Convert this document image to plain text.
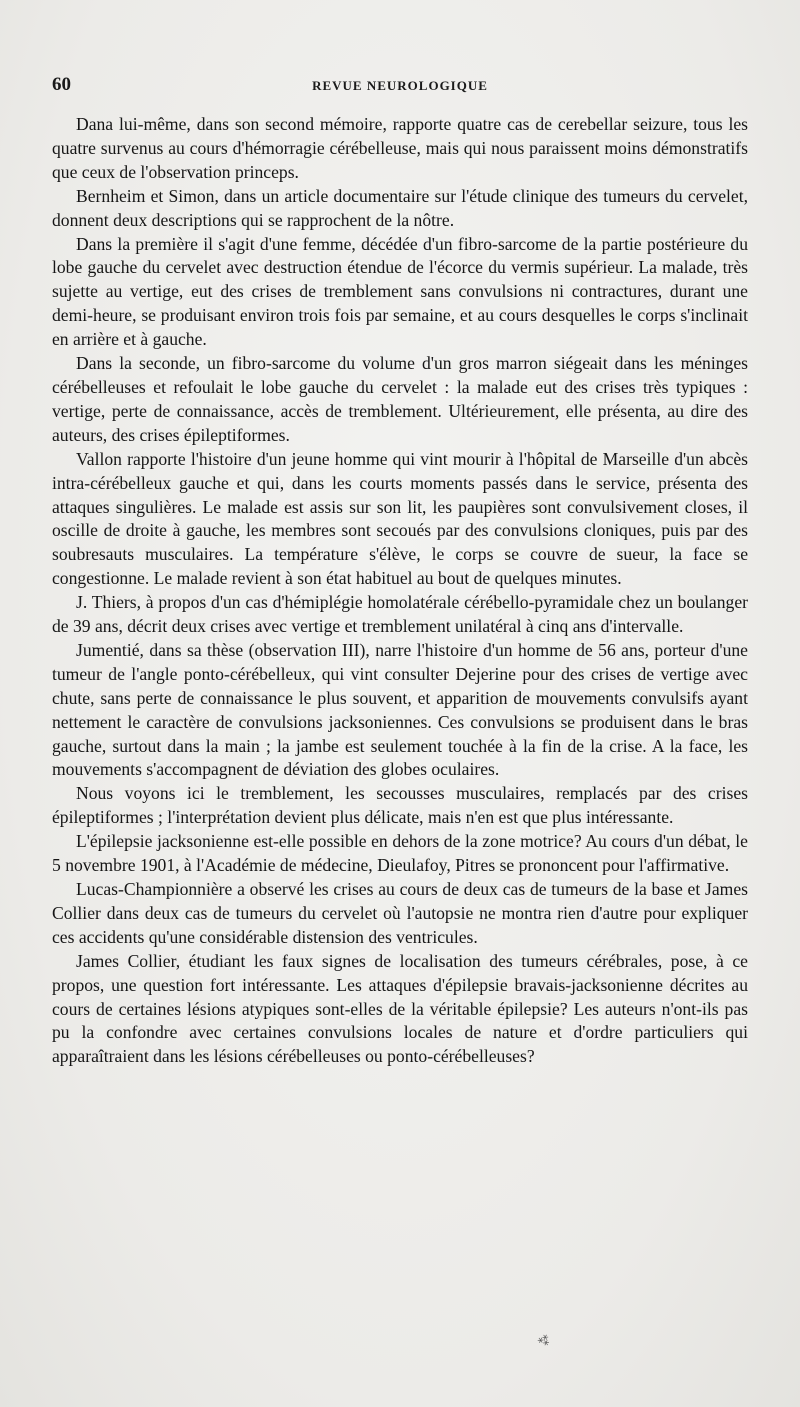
60	REVUE NEUROLOGIQUE

Dana lui-même, dans son second mémoire, rapporte quatre cas de cerebellar seizure, tous les quatre survenus au cours d'hémorragie cérébelleuse, mais qui nous paraissent moins démonstratifs que ceux de l'observation princeps.

Bernheim et Simon, dans un article documentaire sur l'étude clinique des tumeurs du cervelet, donnent deux descriptions qui se rapprochent de la nôtre.

Dans la première il s'agit d'une femme, décédée d'un fibro-sarcome de la partie postérieure du lobe gauche du cervelet avec destruction étendue de l'écorce du vermis supérieur. La malade, très sujette au vertige, eut des crises de tremblement sans convulsions ni contractures, durant une demi-heure, se produisant environ trois fois par semaine, et au cours desquelles le corps s'inclinait en arrière et à gauche.

Dans la seconde, un fibro-sarcome du volume d'un gros marron siégeait dans les méninges cérébelleuses et refoulait le lobe gauche du cervelet : la malade eut des crises très typiques : vertige, perte de connaissance, accès de tremblement. Ultérieurement, elle présenta, au dire des auteurs, des crises épileptiformes.

Vallon rapporte l'histoire d'un jeune homme qui vint mourir à l'hôpital de Marseille d'un abcès intra-cérébelleux gauche et qui, dans les courts moments passés dans le service, présenta des attaques singulières. Le malade est assis sur son lit, les paupières sont convulsivement closes, il oscille de droite à gauche, les membres sont secoués par des convulsions cloniques, puis par des soubresauts musculaires. La température s'élève, le corps se couvre de sueur, la face se congestionne. Le malade revient à son état habituel au bout de quelques minutes.

J. Thiers, à propos d'un cas d'hémiplégie homolatérale cérébello-pyramidale chez un boulanger de 39 ans, décrit deux crises avec vertige et tremblement unilatéral à cinq ans d'intervalle.

Jumentié, dans sa thèse (observation III), narre l'histoire d'un homme de 56 ans, porteur d'une tumeur de l'angle ponto-cérébelleux, qui vint consulter Dejerine pour des crises de vertige avec chute, sans perte de connaissance le plus souvent, et apparition de mouvements convulsifs ayant nettement le caractère de convulsions jacksoniennes. Ces convulsions se produisent dans le bras gauche, surtout dans la main ; la jambe est seulement touchée à la fin de la crise. A la face, les mouvements s'accompagnent de déviation des globes oculaires.

Nous voyons ici le tremblement, les secousses musculaires, remplacés par des crises épileptiformes ; l'interprétation devient plus délicate, mais n'en est que plus intéressante.

L'épilepsie jacksonienne est-elle possible en dehors de la zone motrice? Au cours d'un débat, le 5 novembre 1901, à l'Académie de médecine, Dieulafoy, Pitres se prononcent pour l'affirmative.

Lucas-Championnière a observé les crises au cours de deux cas de tumeurs de la base et James Collier dans deux cas de tumeurs du cervelet où l'autopsie ne montra rien d'autre pour expliquer ces accidents qu'une considérable distension des ventricules.

James Collier, étudiant les faux signes de localisation des tumeurs cérébrales, pose, à ce propos, une question fort intéressante. Les attaques d'épilepsie bravais-jacksonienne décrites au cours de certaines lésions atypiques sont-elles de la véritable épilepsie? Les auteurs n'ont-ils pas pu la confondre avec certaines convulsions locales de nature et d'ordre particuliers qui apparaîtraient dans les lésions cérébelleuses ou ponto-cérébelleuses?

⁂
